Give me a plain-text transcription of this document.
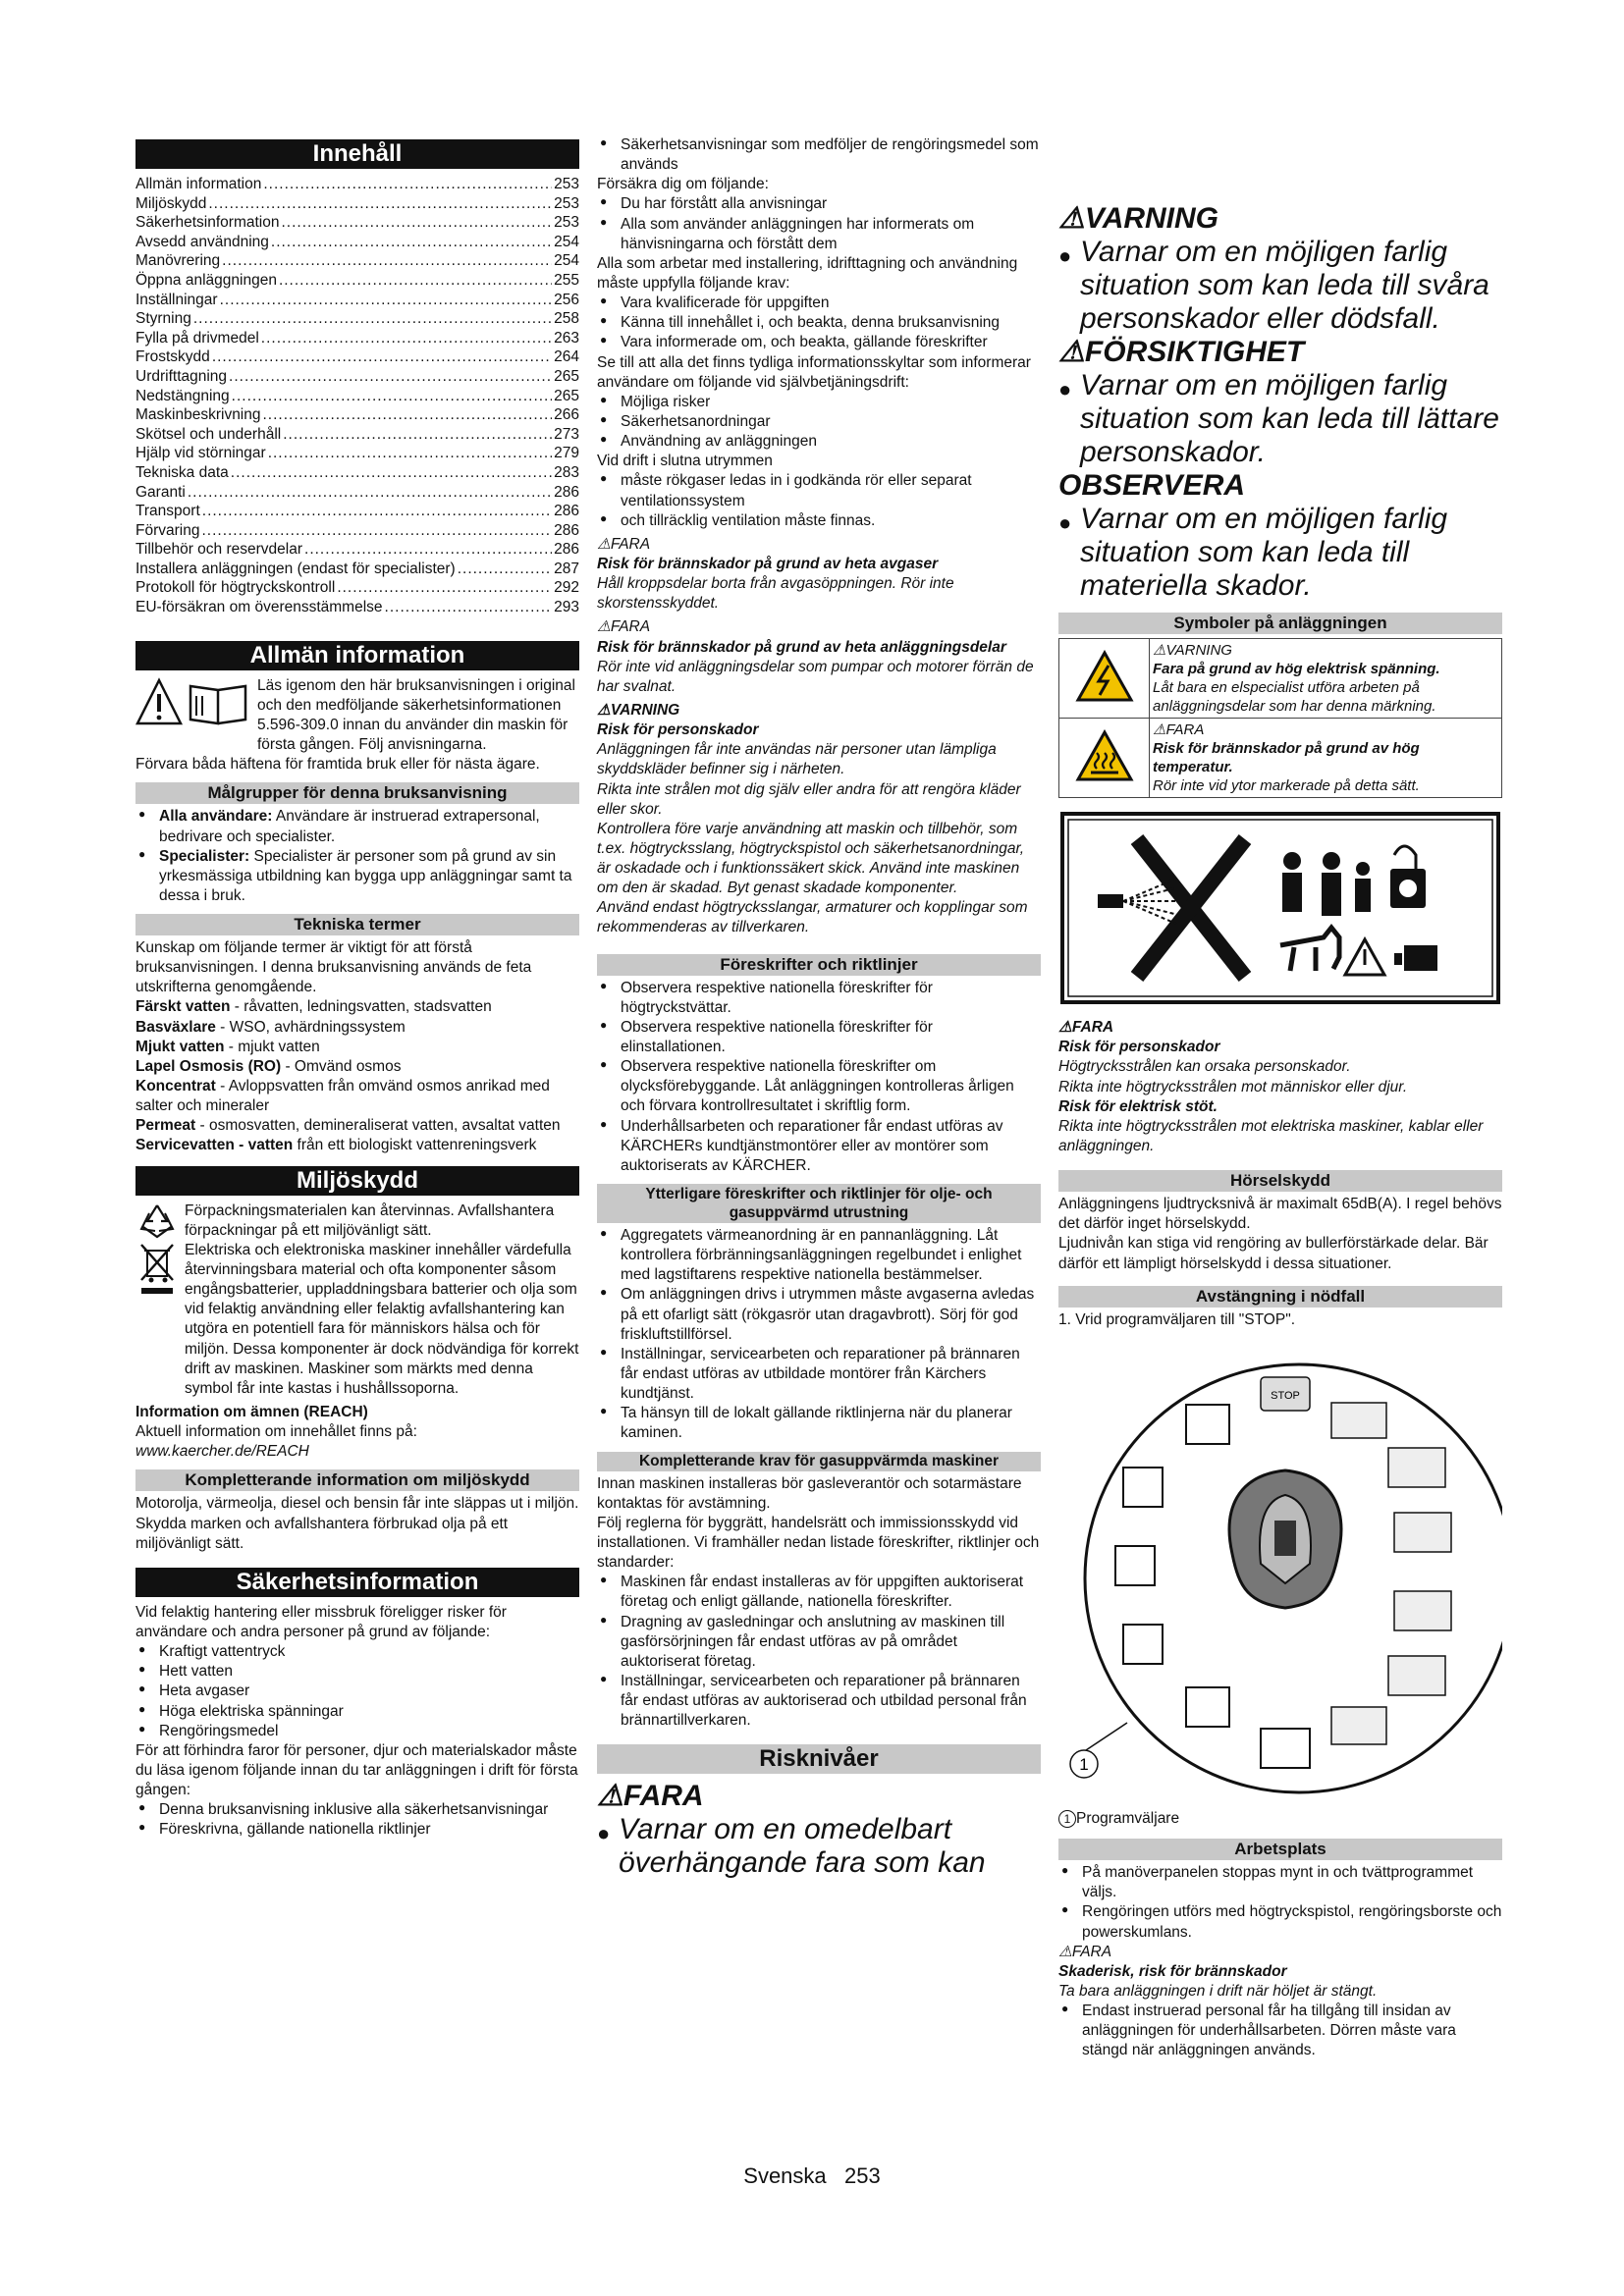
Innehåll
Allmän information .....	253
Miljöskydd .....	253
Säkerhetsinformation .....	253
Avsedd användning .....	254
Manövrering .....	254
Öppna anläggningen .....	255
Inställningar .....	256
Styrning .....	258
Fylla på drivmedel .....	263
Frostskydd .....	264
Urdrifttagning .....	265
Nedstängning .....	265
Maskinbeskrivning .....	266
Skötsel och underhåll .....	273
Hjälp vid störningar .....	279
Tekniska data .....	283
Garanti .....	286
Transport .....	286
Förvaring .....	286
Tillbehör och reservdelar .....	286
Installera anläggningen (endast för specialister) .....	287
Protokoll för högtryckskontroll .....	292
EU-försäkran om överensstämmelse .....	293
Allmän information

Läs igenom den här bruksanvisningen i original och den medföljande säkerhetsinformationen 5.596-309.0 innan du använder din maskin för första gången. Följ anvisningarna.

Förvara båda häftena för framtida bruk eller för nästa ägare.

Målgrupper för denna bruksanvisning
● Alla användare: Användare är instruerad extrapersonal, bedrivare och specialister.
● Specialister: Specialister är personer som på grund av sin yrkesmässiga utbildning kan bygga upp anläggningar samt ta dessa i bruk.
Tekniska termer

Kunskap om följande termer är viktigt för att förstå bruksanvisningen. I denna bruksanvisning används de feta utskrifterna genomgående.

Färskt vatten - råvatten, ledningsvatten, stadsvatten

Basväxlare - WSO, avhärdningssystem

Mjukt vatten - mjukt vatten

Lapel Osmosis (RO) - Omvänd osmos

Koncentrat - Avloppsvatten från omvänd osmos anrikad med salter och mineraler

Permeat - osmosvatten, demineraliserat vatten, avsaltat vatten

Servicevatten - vatten från ett biologiskt vattenreningsverk

Miljöskydd

Förpackningsmaterialen kan återvinnas. Avfallshantera förpackningar på ett miljövänligt sätt.

Elektriska och elektroniska maskiner innehåller värdefulla återvinningsbara material och ofta komponenter såsom engångsbatterier, uppladdningsbara batterier och olja som vid felaktig användning eller felaktig avfallshantering kan utgöra en potentiell fara för människors hälsa och för miljön. Dessa komponenter är dock nödvändiga för korrekt drift av maskinen. Maskiner som märkts med denna symbol får inte kastas i hushållssoporna.

Information om ämnen (REACH)

Aktuell information om innehållet finns på: www.kaercher.de/REACH

Kompletterande information om miljöskydd

Motorolja, värmeolja, diesel och bensin får inte släppas ut i miljön. Skydda marken och avfallshantera förbrukad olja på ett miljövänligt sätt.

Säkerhetsinformation

Vid felaktig hantering eller missbruk föreligger risker för användare och andra personer på grund av följande:

● Kraftigt vattentryck
● Hett vatten
● Heta avgaser
● Höga elektriska spänningar
● Rengöringsmedel

För att förhindra faror för personer, djur och materialskador måste du läsa igenom följande innan du tar anläggningen i drift för första gången:

● Denna bruksanvisning inklusive alla säkerhetsanvisningar
● Föreskrivna, gällande nationella riktlinjer
● Säkerhetsanvisningar som medföljer de rengöringsmedel som används

Försäkra dig om följande:

● Du har förstått alla anvisningar
● Alla som använder anläggningen har informerats om hänvisningarna och förstått dem

Alla som arbetar med installering, idrifttagning och användning måste uppfylla följande krav:

● Vara kvalificerade för uppgiften
● Känna till innehållet i, och beakta, denna bruksanvisning
● Vara informerade om, och beakta, gällande föreskrifter

Se till att alla det finns tydliga informationsskyltar som informerar användare om följande vid självbetjäningsdrift:

● Möjliga risker
● Säkerhetsanordningar
● Användning av anläggningen

Vid drift i slutna utrymmen

● måste rökgaser ledas in i godkända rör eller separat ventilationssystem
● och tillräcklig ventilation måste finnas.

⚠FARA

Risk för brännskador på grund av heta avgaser

Håll kroppsdelar borta från avgasöppningen. Rör inte skorstensskyddet.

⚠FARA

Risk för brännskador på grund av heta anläggningsdelar

Rör inte vid anläggningsdelar som pumpar och motorer förrän de har svalnat.

⚠VARNING

Risk för personskador

Anläggningen får inte användas när personer utan lämpliga skyddskläder befinner sig i närheten.

Rikta inte strålen mot dig själv eller andra för att rengöra kläder eller skor.

Kontrollera före varje användning att maskin och tillbehör, som t.ex. högtrycksslang, högtryckspistol och säkerhetsanordningar, är oskadade och i funktionssäkert skick. Använd inte maskinen om den är skadad. Byt genast skadade komponenter.

Använd endast högtrycksslangar, armaturer och kopplingar som rekommenderas av tillverkaren.

Föreskrifter och riktlinjer
● Observera respektive nationella föreskrifter för högtryckstvättar.
● Observera respektive nationella föreskrifter för elinstallationen.
● Observera respektive nationella föreskrifter om olycksförebyggande. Låt anläggningen kontrolleras årligen och förvara kontrollresultatet i skriftlig form.
● Underhållsarbeten och reparationer får endast utföras av KÄRCHERs kundtjänstmontörer eller av montörer som auktoriserats av KÄRCHER.
Ytterligare föreskrifter och riktlinjer för olje- och gasuppvärmd utrustning
● Aggregatets värmeanordning är en pannanläggning. Låt kontrollera förbränningsanläggningen regelbundet i enlighet med lagstiftarens respektive nationella bestämmelser.
● Om anläggningen drivs i utrymmen måste avgaserna avledas på ett ofarligt sätt (rökgasrör utan dragavbrott). Sörj för god friskluftstillförsel.
● Inställningar, servicearbeten och reparationer på brännaren får endast utföras av utbildade montörer från Kärchers kundtjänst.
● Ta hänsyn till de lokalt gällande riktlinjerna när du planerar kaminen.
Kompletterande krav för gasuppvärmda maskiner

Innan maskinen installeras bör gasleverantör och sotarmästare kontaktas för avstämning.

Följ reglerna för byggrätt, handelsrätt och immissionsskydd vid installationen. Vi framhäller nedan listade föreskrifter, riktlinjer och standarder:

● Maskinen får endast installeras av för uppgiften auktoriserat företag och enligt gällande, nationella föreskrifter.
● Dragning av gasledningar och anslutning av maskinen till gasförsörjningen får endast utföras av på området auktoriserat företag.
● Inställningar, servicearbeten och reparationer på brännaren får endast utföras av auktoriserad och utbildad personal från brännartillverkaren.
Risknivåer

⚠FARA

● Varnar om en omedelbart överhängande fara som kan

⚠VARNING

● Varnar om en möjligen farlig situation som kan leda till svåra personskador eller dödsfall.

⚠FÖRSIKTIGHET

● Varnar om en möjligen farlig situation som kan leda till lättare personskador.

OBSERVERA

● Varnar om en möjligen farlig situation som kan leda till materiella skador.
Symboler på anläggningen

⚠VARNING
Fara på grund av hög elektrisk spänning.
Låt bara en elspecialist utföra arbeten på anläggningsdelar som har denna märkning.

⚠FARA
Risk för brännskador på grund av hög temperatur.
Rör inte vid ytor markerade på detta sätt.

⚠FARA

Risk för personskador

Högtrycksstrålen kan orsaka personskador.

Rikta inte högtrycksstrålen mot människor eller djur.

Risk för elektrisk stöt.

Rikta inte högtrycksstrålen mot elektriska maskiner, kablar eller anläggningen.

Hörselskydd

Anläggningens ljudtrycksnivå är maximalt 65dB(A). I regel behövs det därför inget hörselskydd.

Ljudnivån kan stiga vid rengöring av bullerförstärkade delar. Bär därför ett lämpligt hörselskydd i dessa situationer.

Avstängning i nödfall

1. Vrid programväljaren till "STOP".

STOP
1

1 Programväljare

Arbetsplats
● På manöverpanelen stoppas mynt in och tvättprogrammet väljs.
● Rengöringen utförs med högtryckspistol, rengöringsborste och powerskumlans.

⚠FARA

Skaderisk, risk för brännskador

Ta bara anläggningen i drift när höljet är stängt.

● Endast instruerad personal får ha tillgång till insidan av anläggningen för underhållsarbeten. Dörren måste vara stängd när anläggningen används.
Svenska 253
